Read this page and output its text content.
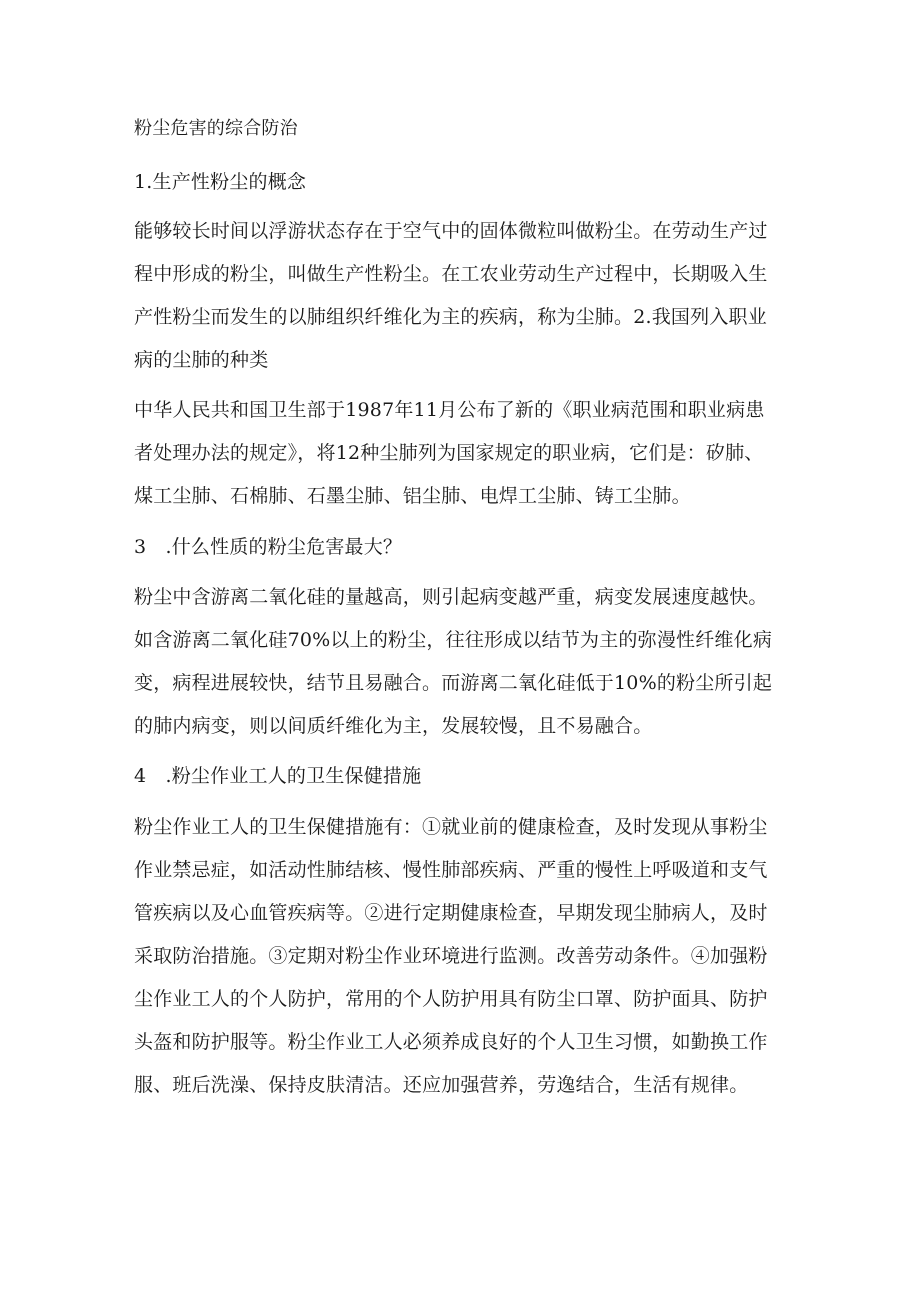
粉尘危害的综合防治
1.生产性粉尘的概念
能够较长时间以浮游状态存在于空气中的固体微粒叫做粉尘。在劳动生产过
程中形成的粉尘，叫做生产性粉尘。在工农业劳动生产过程中，长期吸入生
产性粉尘而发生的以肺组织纤维化为主的疾病，称为尘肺。2.我国列入职业
病的尘肺的种类
中华人民共和国卫生部于1987年11月公布了新的《职业病范围和职业病患
者处理办法的规定》，将12种尘肺列为国家规定的职业病，它们是：矽肺、
煤工尘肺、石棉肺、石墨尘肺、铝尘肺、电焊工尘肺、铸工尘肺。
3　.什么性质的粉尘危害最大？
粉尘中含游离二氧化硅的量越高，则引起病变越严重，病变发展速度越快。
如含游离二氧化硅70%以上的粉尘，往往形成以结节为主的弥漫性纤维化病
变，病程进展较快，结节且易融合。而游离二氧化硅低于10%的粉尘所引起
的肺内病变，则以间质纤维化为主，发展较慢，且不易融合。
4　.粉尘作业工人的卫生保健措施
粉尘作业工人的卫生保健措施有：①就业前的健康检查，及时发现从事粉尘
作业禁忌症，如活动性肺结核、慢性肺部疾病、严重的慢性上呼吸道和支气
管疾病以及心血管疾病等。②进行定期健康检查，早期发现尘肺病人，及时
采取防治措施。③定期对粉尘作业环境进行监测。改善劳动条件。④加强粉
尘作业工人的个人防护，常用的个人防护用具有防尘口罩、防护面具、防护
头盔和防护服等。粉尘作业工人必须养成良好的个人卫生习惯，如勤换工作
服、班后洗澡、保持皮肤清洁。还应加强营养，劳逸结合，生活有规律。
